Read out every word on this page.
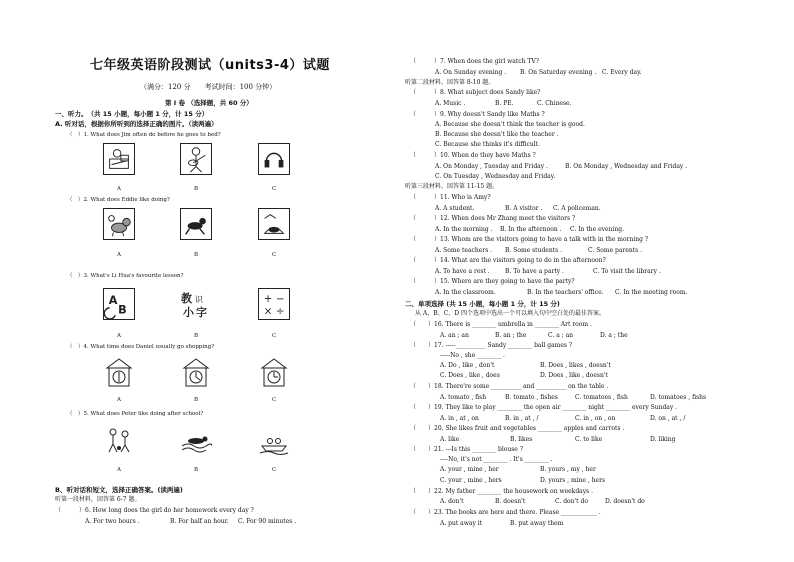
七年级英语阶段测试（units3-4）试题
（满分：120 分　　考试时间：100 分钟）
第 I 卷 （选择题，共 60 分）
一、听力。　（共 15 小题，每小题 1 分，计 15 分）
A. 听对话，根据你所听到的选择正确的图片。（读两遍）
（　）1. What does Jim often do before he goes to bed?
A	B	C
（　）2. What does Eddie like doing?
A	B	C
（　）3. What's Li Hua's favourite lesson?
A
B
教 识
小 字
+ −
× ÷
A	B	C
（　）4. What time does Daniel usually go shopping?
A	B	C
（　）5. What does Peter like doing after school?
A	B	C
B、听对话和短文，选择正确答案。(读两遍)
听第一段材料，回答第 6-7 题。
（　　　）6. How long does the girl do her homework every day ?
A. For two hours .	B. For half an hour. C. For 90 minutes .
（　　　）7. When does the girl watch TV?
A. On Sunday evening . B. On Saturday evening . C. Every day.
听第二段材料，回答第 8-10 题。
（　　　）8. What subject does Sandy like?
A. Music .	B. PE.	C. Chinese.
（　　　）9. Why doesn't Sandy like Maths ?
A. Because she doesn't think the teacher is good.
B. Because she doesn't like the teacher .
C. Because she thinks it's difficult.
（　　　）10. When do they have Maths ?
A. On Monday , Tuesday and Friday .	B. On Monday , Wednesday and Friday .
C. On Tuesday , Wednesday and Friday.
听第三段材料，回答第 11-15 题。
（　　　）11. Who is Amy?
A. A student.	B. A visitor . C. A policeman.
（　　　）12. When does Mr Zhang meet the visitors ?
A. In the morning . B. In the afternoon . C. In the evening.
（　　　）13. Whom are the visitors going to have a talk with in the morning ?
A. Some teachers . B. Some students .	C. Some parents .
（　　　）14. What are the visitors going to do in the afternoon?
A. To have a rest .	B. To have a party .	C. To visit the library .
（　　　）15. Where are they going to have the party?
A. In the classroom.	B. In the teachers' office. C. In the meeting room.
二、单项选择 (共 15 小题，每小题 1 分，计 15 分)
从 A、B、C、D 四个选项中选出一个可以填入句中空白处的最佳答案。
（　　）16. There is ________ umbrella in ________ Art room .
A. an ; an	B. an ; the	C. a ; an	D. a ; the
（　　）17. -----__________ Sandy ________ ball games ?
-----No , she ________ .
A. Do , like , don't	B. Does , likes , doesn't
C. Does , like , does	D. Does , like , doesn't
（　　）18. There're some __________ and __________ on the table .
A. tomato , fish	B. tomato , fishes	C. tomatoes , fish	D. tomatoes , fishs
（　　）19. They like to play ________ the open air ________ night ________ every Sunday .
A. in , at , on	B. in , at , /	C. in , on , on	D. on , at , /
（　　）20. She likes fruit and vegetables ________ apples and carrots .
A. like	B. likes	C. to like	D. liking
（　　）21. ---Is this ________ blouse ?
----No, it's not ________ . It's ________ .
A. your , mine , her	B. yours , my , her
C. your , mine , hers	D. yours , mine , hers
（　　）22. My father ________ the housework on weekdays .
A. don't	B. doesn't	C. don't do	D. doesn't do
（　　）23. The books are here and there. Please ____________ .
A. put away it	B. put away them
